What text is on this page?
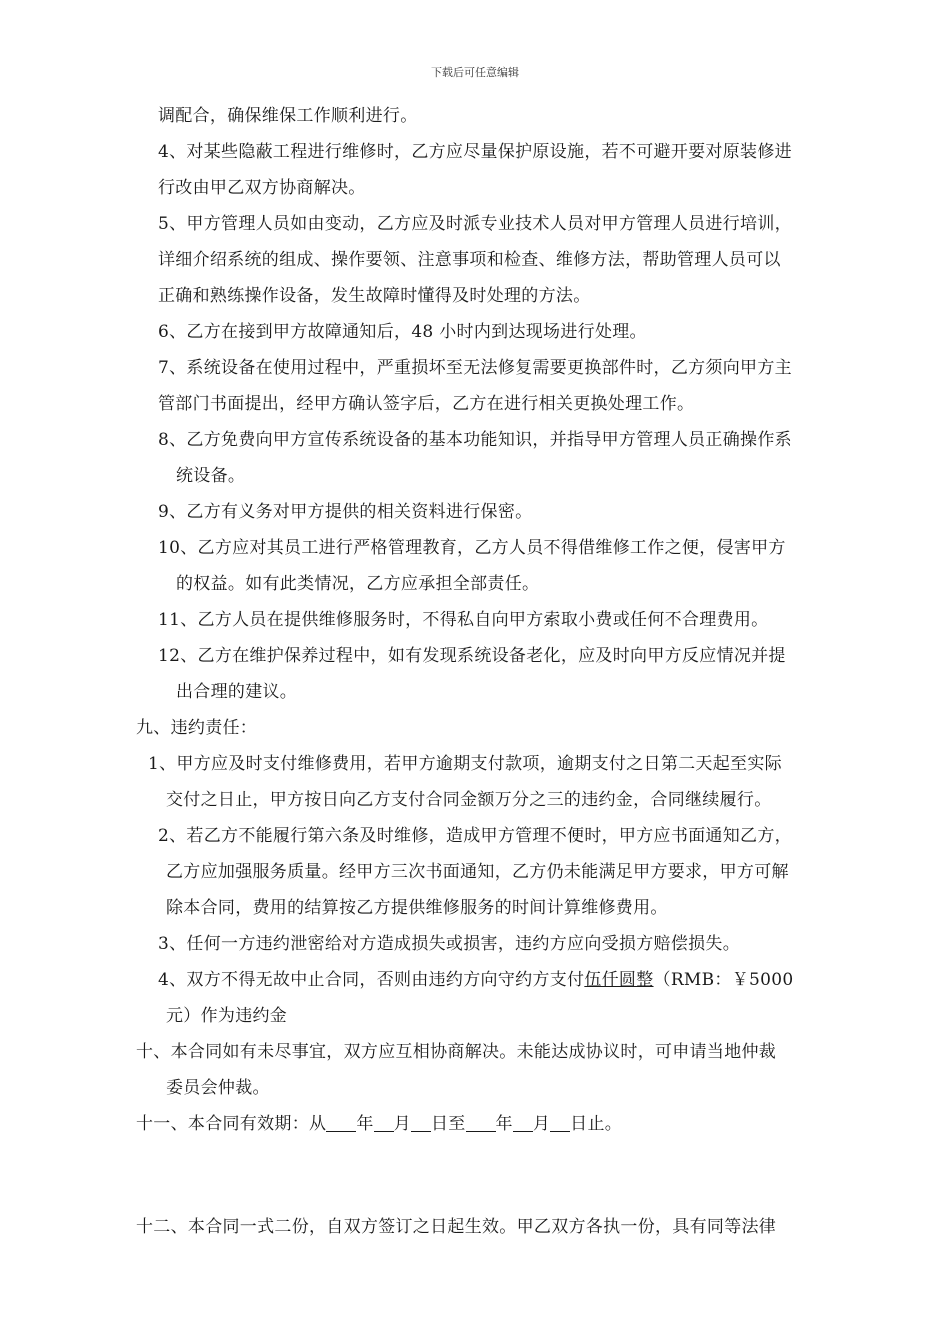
下载后可任意编辑
调配合，确保维保工作顺利进行。
4、对某些隐蔽工程进行维修时，乙方应尽量保护原设施，若不可避开要对原装修进
行改由甲乙双方协商解决。
5、甲方管理人员如由变动，乙方应及时派专业技术人员对甲方管理人员进行培训，
详细介绍系统的组成、操作要领、注意事项和检查、维修方法，帮助管理人员可以
正确和熟练操作设备，发生故障时懂得及时处理的方法。
6、乙方在接到甲方故障通知后，48 小时内到达现场进行处理。
7、系统设备在使用过程中，严重损坏至无法修复需要更换部件时，乙方须向甲方主
管部门书面提出，经甲方确认签字后，乙方在进行相关更换处理工作。
8、乙方免费向甲方宣传系统设备的基本功能知识，并指导甲方管理人员正确操作系
统设备。
9、乙方有义务对甲方提供的相关资料进行保密。
10、乙方应对其员工进行严格管理教育，乙方人员不得借维修工作之便，侵害甲方
的权益。如有此类情况，乙方应承担全部责任。
11、乙方人员在提供维修服务时，不得私自向甲方索取小费或任何不合理费用。
12、乙方在维护保养过程中，如有发现系统设备老化，应及时向甲方反应情况并提
出合理的建议。
九、违约责任：
1、甲方应及时支付维修费用，若甲方逾期支付款项，逾期支付之日第二天起至实际
交付之日止，甲方按日向乙方支付合同金额万分之三的违约金，合同继续履行。
2、若乙方不能履行第六条及时维修，造成甲方管理不便时，甲方应书面通知乙方，
乙方应加强服务质量。经甲方三次书面通知，乙方仍未能满足甲方要求，甲方可解
除本合同，费用的结算按乙方提供维修服务的时间计算维修费用。
3、任何一方违约泄密给对方造成损失或损害，违约方应向受损方赔偿损失。
4、双方不得无故中止合同，否则由违约方向守约方支付伍仟圆整（RMB：￥5000
元）作为违约金
十、本合同如有未尽事宜，双方应互相协商解决。未能达成协议时，可申请当地仲裁
委员会仲裁。
十一、本合同有效期：从 年 月 日至 年 月 日止。
十二、本合同一式二份，自双方签订之日起生效。甲乙双方各执一份，具有同等法律
